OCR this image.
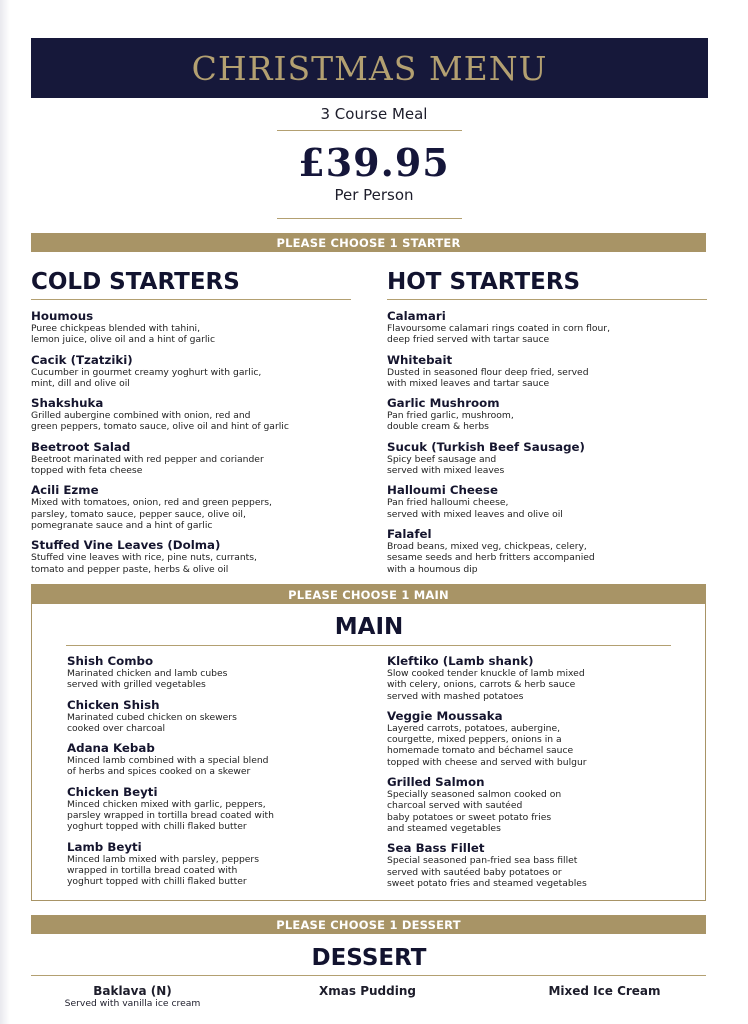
CHRISTMAS MENU
3 Course Meal
£39.95
Per Person
PLEASE CHOOSE 1 STARTER
COLD STARTERS	HOT STARTERS
Houmous
Puree chickpeas blended with tahini,
lemon juice, olive oil and a hint of garlic
Cacik (Tzatziki)
Cucumber in gourmet creamy yoghurt with garlic,
mint, dill and olive oil
Shakshuka
Grilled aubergine combined with onion, red and
green peppers, tomato sauce, olive oil and hint of garlic
Beetroot Salad
Beetroot marinated with red pepper and coriander
topped with feta cheese
Acili Ezme
Mixed with tomatoes, onion, red and green peppers,
parsley, tomato sauce, pepper sauce, olive oil,
pomegranate sauce and a hint of garlic
Stuffed Vine Leaves (Dolma)
Stuffed vine leaves with rice, pine nuts, currants,
tomato and pepper paste, herbs & olive oil
Calamari
Flavoursome calamari rings coated in corn flour,
deep fried served with tartar sauce
Whitebait
Dusted in seasoned flour deep fried, served
with mixed leaves and tartar sauce
Garlic Mushroom
Pan fried garlic, mushroom,
double cream & herbs
Sucuk (Turkish Beef Sausage)
Spicy beef sausage and
served with mixed leaves
Halloumi Cheese
Pan fried halloumi cheese,
served with mixed leaves and olive oil
Falafel
Broad beans, mixed veg, chickpeas, celery,
sesame seeds and herb fritters accompanied
with a houmous dip
PLEASE CHOOSE 1 MAIN
MAIN
Shish Combo
Marinated chicken and lamb cubes
served with grilled vegetables
Chicken Shish
Marinated cubed chicken on skewers
cooked over charcoal
Adana Kebab
Minced lamb combined with a special blend
of herbs and spices cooked on a skewer
Chicken Beyti
Minced chicken mixed with garlic, peppers,
parsley wrapped in tortilla bread coated with
yoghurt topped with chilli flaked butter
Lamb Beyti
Minced lamb mixed with parsley, peppers
wrapped in tortilla bread coated with
yoghurt topped with chilli flaked butter
Kleftiko (Lamb shank)
Slow cooked tender knuckle of lamb mixed
with celery, onions, carrots & herb sauce
served with mashed potatoes
Veggie Moussaka
Layered carrots, potatoes, aubergine,
courgette, mixed peppers, onions in a
homemade tomato and béchamel sauce
topped with cheese and served with bulgur
Grilled Salmon
Specially seasoned salmon cooked on
charcoal served with sautéed
baby potatoes or sweet potato fries
and steamed vegetables
Sea Bass Fillet
Special seasoned pan-fried sea bass fillet
served with sautéed baby potatoes or
sweet potato fries and steamed vegetables
PLEASE CHOOSE 1 DESSERT
DESSERT
Baklava (N)
Served with vanilla ice cream
Xmas Pudding	Mixed Ice Cream
